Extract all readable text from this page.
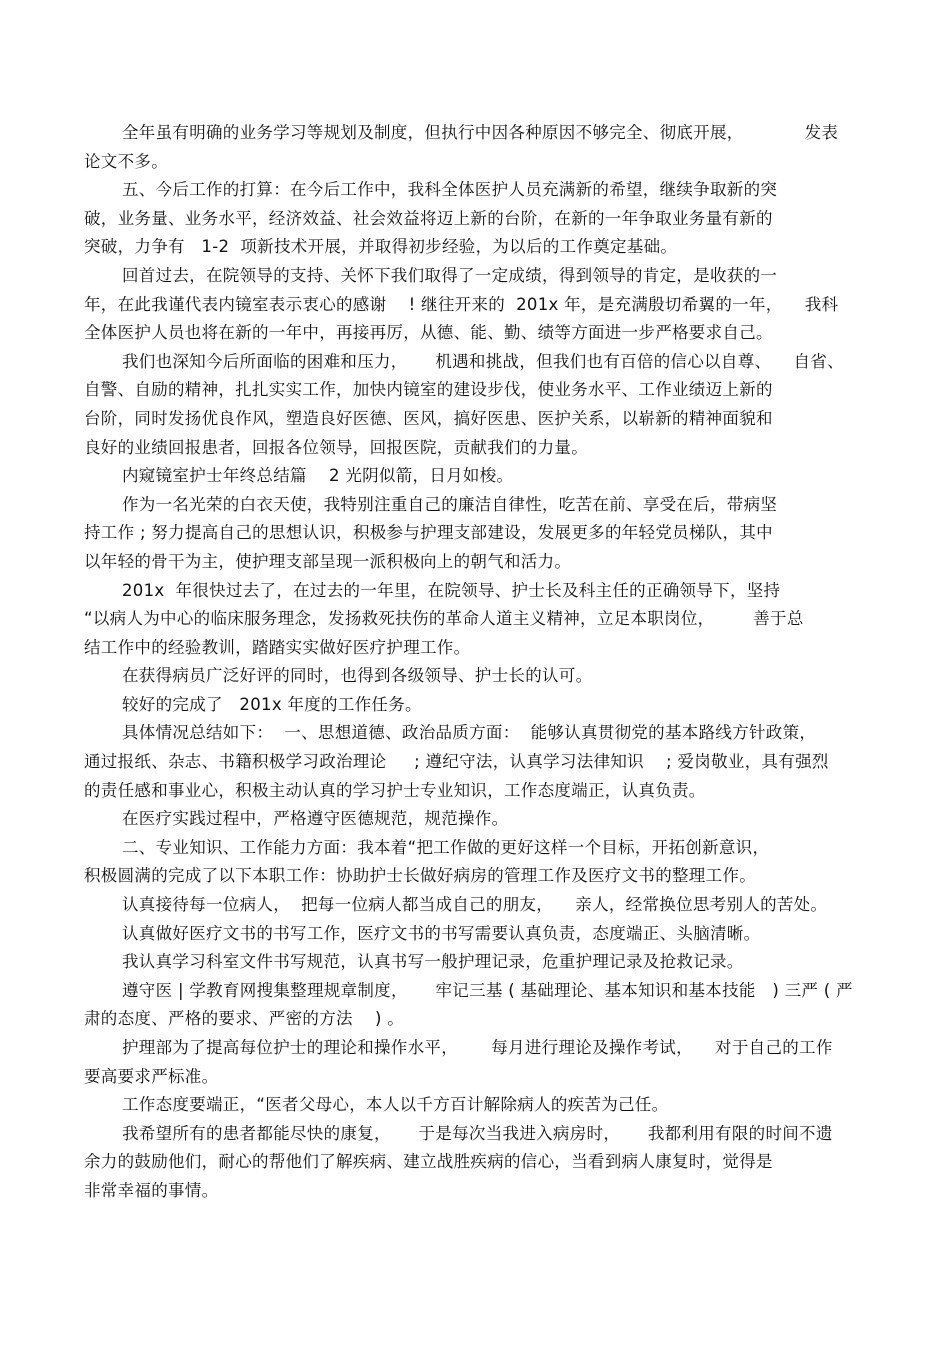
全年虽有明确的业务学习等规划及制度，但执行中因各种原因不够完全、彻底开展，           发表
论文不多。
五、今后工作的打算：在今后工作中，我科全体医护人员充满新的希望，继续争取新的突
破，业务量、业务水平，经济效益、社会效益将迈上新的台阶，在新的一年争取业务量有新的
突破，力争有   1-2  项新技术开展，并取得初步经验，为以后的工作奠定基础。
回首过去，在院领导的支持、关怀下我们取得了一定成绩，得到领导的肯定，是收获的一
年，在此我谨代表内镜室表示衷心的感谢    ! 继往开来的  201x 年，是充满殷切希翼的一年，    我科
全体医护人员也将在新的一年中，再接再厉，从德、能、勤、绩等方面进一步严格要求自己。
我们也深知今后所面临的困难和压力，     机遇和挑战，但我们也有百倍的信心以自尊、    自省、
自警、自励的精神，扎扎实实工作，加快内镜室的建设步伐，使业务水平、工作业绩迈上新的
台阶，同时发扬优良作风，塑造良好医德、医风，搞好医患、医护关系，以崭新的精神面貌和
良好的业绩回报患者，回报各位领导，回报医院，贡献我们的力量。
内窥镜室护士年终总结篇    2 光阴似箭，日月如梭。
作为一名光荣的白衣天使，我特别注重自己的廉洁自律性，吃苦在前、享受在后，带病坚
持工作 ; 努力提高自己的思想认识，积极参与护理支部建设，发展更多的年轻党员梯队，其中
以年轻的骨干为主，使护理支部呈现一派积极向上的朝气和活力。
201x  年很快过去了，在过去的一年里，在院领导、护士长及科主任的正确领导下，坚持
“以病人为中心的临床服务理念，发扬救死扶伤的革命人道主义精神，立足本职岗位，       善于总
结工作中的经验教训，踏踏实实做好医疗护理工作。
在获得病员广泛好评的同时，也得到各级领导、护士长的认可。
较好的完成了   201x 年度的工作任务。
具体情况总结如下：  一、思想道德、政治品质方面：  能够认真贯彻党的基本路线方针政策，
通过报纸、杂志、书籍积极学习政治理论     ; 遵纪守法，认真学习法律知识    ; 爱岗敬业，具有强烈
的责任感和事业心，积极主动认真的学习护士专业知识，工作态度端正，认真负责。
在医疗实践过程中，严格遵守医德规范，规范操作。
二、专业知识、工作能力方面：我本着“把工作做的更好这样一个目标，开拓创新意识，
积极圆满的完成了以下本职工作：协助护士长做好病房的管理工作及医疗文书的整理工作。
认真接待每一位病人，  把每一位病人都当成自己的朋友，    亲人，经常换位思考别人的苦处。
认真做好医疗文书的书写工作，医疗文书的书写需要认真负责，态度端正、头脑清晰。
我认真学习科室文件书写规范，认真书写一般护理记录，危重护理记录及抢救记录。
遵守医 | 学教育网搜集整理规章制度，     牢记三基 ( 基础理论、基本知识和基本技能   ) 三严 ( 严
肃的态度、严格的要求、严密的方法    ) 。
护理部为了提高每位护士的理论和操作水平，      每月进行理论及操作考试，    对于自己的工作
要高要求严标准。
工作态度要端正，“医者父母心，本人以千方百计解除病人的疾苦为己任。
我希望所有的患者都能尽快的康复，     于是每次当我进入病房时，     我都利用有限的时间不遗
余力的鼓励他们，耐心的帮他们了解疾病、建立战胜疾病的信心，当看到病人康复时，觉得是
非常幸福的事情。
